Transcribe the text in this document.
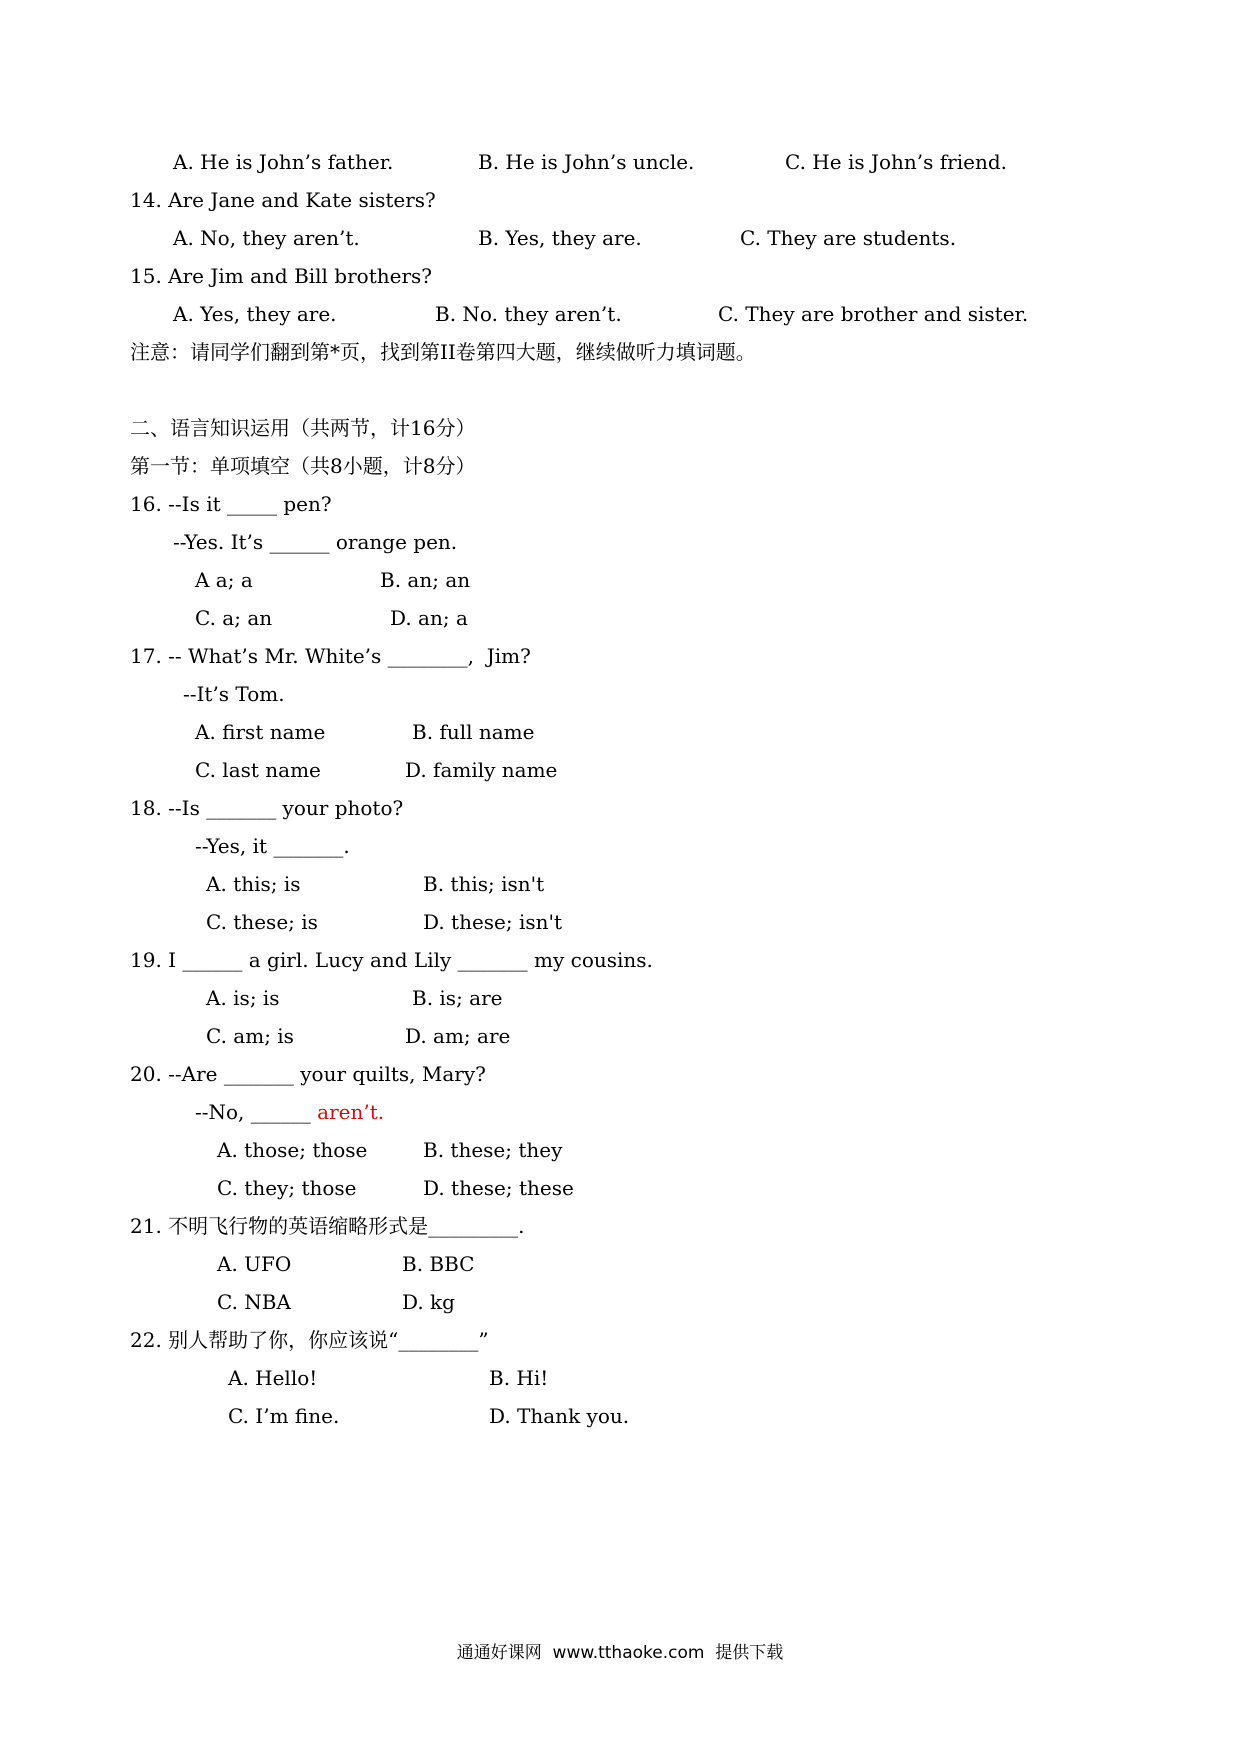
A. He is John’s father.	B. He is John’s uncle.	C. He is John’s friend.
14. Are Jane and Kate sisters?
A. No, they aren’t.	B. Yes, they are.	C. They are students.
15. Are Jim and Bill brothers?
A. Yes, they are.	B. No. they aren’t.	C. They are brother and sister.
注意：请同学们翻到第*页，找到第II卷第四大题，继续做听力填词题。
二、语言知识运用（共两节，计16分）
第一节：单项填空（共8小题，计8分）
16. --Is it _____ pen?
--Yes. It’s ______ orange pen.
A a; a	B. an; an
C. a; an	D. an; a
17. -- What’s Mr. White’s ________,  Jim?
--It’s Tom.
A. first name	B. full name
C. last name	D. family name
18. --Is _______ your photo?
--Yes, it _______.
A. this; is	B. this; isn't
C. these; is	D. these; isn't
19. I ______ a girl. Lucy and Lily _______ my cousins.
A. is; is	B. is; are
C. am; is	D. am; are
20. --Are _______ your quilts, Mary?
--No, ______ aren’t.
A. those; those	B. these; they
C. they; those	D. these; these
21. 不明飞行物的英语缩略形式是_________.
A. UFO	B. BBC
C. NBA	D. kg
22. 别人帮助了你，你应该说“________”
A. Hello!	B. Hi!
C. I’m fine.	D. Thank you.
通通好课网  www.tthaoke.com  提供下载
